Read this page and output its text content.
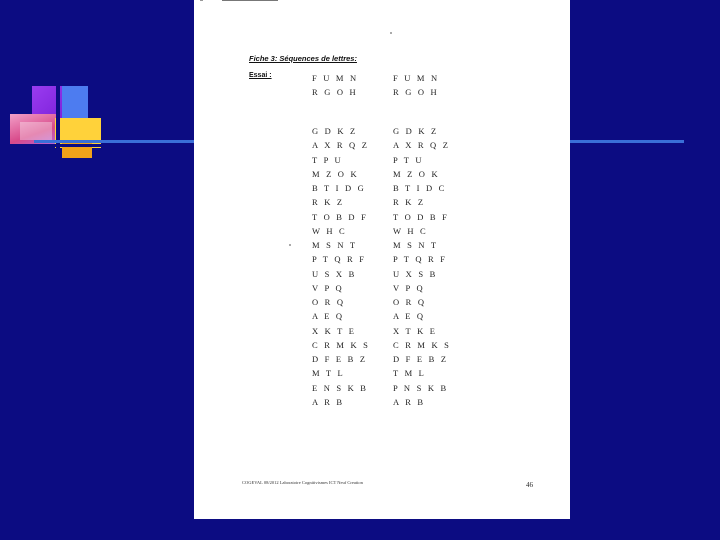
Fiche 3: Séquences de lettres:
Essai :	F U M N	F U M N
R G O H	R G O H
G D K Z	G D K Z
A X R Q Z	A X R Q Z
T P U	P T U
M Z O K	M Z O K
B T I D G	B T I D C
R K Z	R K Z
T O B D F	T O D B F
W H C	W H C
M S N T	M S N T
P T Q R F	P T Q R F
U S X B	U X S B
V P Q	V P Q
O R Q	O R Q
A E Q	A E Q
X K T E	X T K E
C R M K S	C R M K S
D F E B Z	D F E B Z
M T L	T M L
E N S K B	P N S K B
A R B	A R B
COGEVAL 08/2012 Laboratoire Cognitivismes ICT Neuf Creation	46
